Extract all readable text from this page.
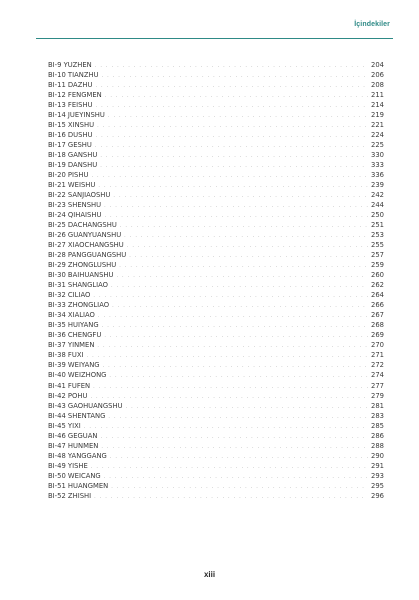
İçindekiler
BI-9 YUZHEN . . .	204
BI-10 TIANZHU . . .	206
BI-11 DAZHU . . .	208
BI-12 FENGMEN . . .	211
BI-13 FEISHU . . .	214
BI-14 JUEYINSHU . . .	219
BI-15 XINSHU . . .	221
BI-16 DUSHU . . .	224
BI-17 GESHU . . .	225
BI-18 GANSHU . . .	330
BI-19 DANSHU . . .	333
BI-20 PISHU . . .	336
BI-21 WEISHU . . .	239
BI-22 SANJIAOSHU . . .	242
BI-23 SHENSHU . . .	244
BI-24 QIHAISHU . . .	250
BI-25 DACHANGSHU . . .	251
BI-26 GUANYUANSHU . . .	253
BI-27 XIAOCHANGSHU . . .	255
BI-28 PANGGUANGSHU . . .	257
BI-29 ZHONGLUSHU . . .	259
BI-30 BAIHUANSHU . . .	260
BI-31 SHANGLIAO . . .	262
BI-32 CILIAO . . .	264
BI-33 ZHONGLIAO . . .	266
BI-34 XIALIAO . . .	267
BI-35 HUIYANG . . .	268
BI-36 CHENGFU . . .	269
BI-37 YINMEN . . .	270
BI-38 FUXI . . .	271
BI-39 WEIYANG . . .	272
BI-40 WEIZHONG . . .	274
BI-41 FUFEN . . .	277
BI-42 POHU . . .	279
BI-43 GAOHUANGSHU . . .	281
BI-44 SHENTANG . . .	283
BI-45 YIXI . . .	285
BI-46 GEGUAN . . .	286
BI-47 HUNMEN . . .	288
BI-48 YANGGANG . . .	290
BI-49 YISHE . . .	291
BI-50 WEICANG . . .	293
BI-51 HUANGMEN . . .	295
BI-52 ZHISHI . . .	296
xiii
